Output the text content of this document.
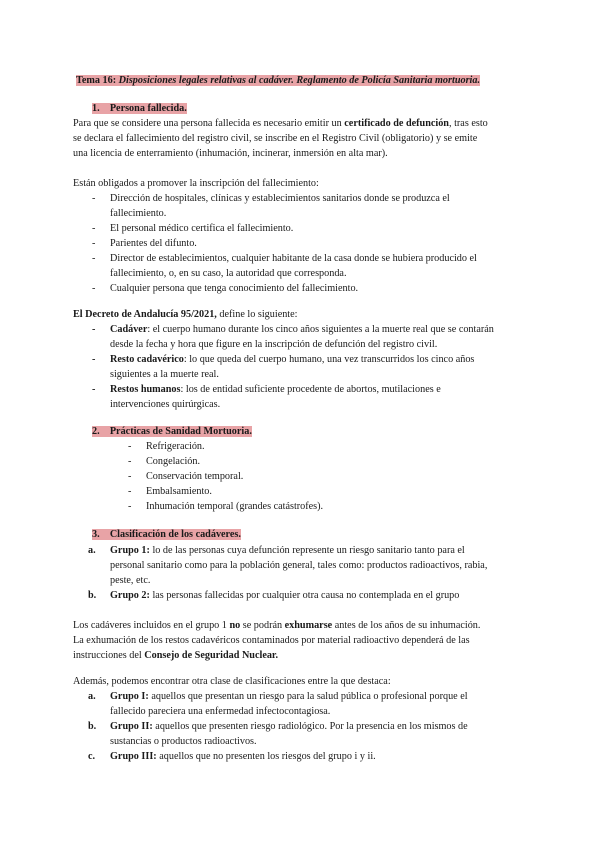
Tema 16: Disposiciones legales relativas al cadáver. Reglamento de Policía Sanitaria mortuoria.
1. Persona fallecida.
Para que se considere una persona fallecida es necesario emitir un certificado de defunción, tras esto
se declara el fallecimiento del registro civil, se inscribe en el Registro Civil (obligatorio) y se emite
una licencia de enterramiento (inhumación, incinerar, inmersión en alta mar).
Están obligados a promover la inscripción del fallecimiento:
- Dirección de hospitales, clínicas y establecimientos sanitarios donde se produzca el
fallecimiento.
- El personal médico certifica el fallecimiento.
- Parientes del difunto.
- Director de establecimientos, cualquier habitante de la casa donde se hubiera producido el
fallecimiento, o, en su caso, la autoridad que corresponda.
- Cualquier persona que tenga conocimiento del fallecimiento.
El Decreto de Andalucía 95/2021, define lo siguiente:
- Cadáver: el cuerpo humano durante los cinco años siguientes a la muerte real que se contarán
desde la fecha y hora que figure en la inscripción de defunción del registro civil.
- Resto cadavérico: lo que queda del cuerpo humano, una vez transcurridos los cinco años
siguientes a la muerte real.
- Restos humanos: los de entidad suficiente procedente de abortos, mutilaciones e
intervenciones quirúrgicas.
2. Prácticas de Sanidad Mortuoria.
- Refrigeración.
- Congelación.
- Conservación temporal.
- Embalsamiento.
- Inhumación temporal (grandes catástrofes).
3. Clasificación de los cadáveres.
a. Grupo 1: lo de las personas cuya defunción represente un riesgo sanitario tanto para el
personal sanitario como para la población general, tales como: productos radioactivos, rabia,
peste, etc.
b. Grupo 2: las personas fallecidas por cualquier otra causa no contemplada en el grupo
Los cadáveres incluidos en el grupo 1 no se podrán exhumarse antes de los años de su inhumación.
La exhumación de los restos cadavéricos contaminados por material radioactivo dependerá de las
instrucciones del Consejo de Seguridad Nuclear.
Además, podemos encontrar otra clase de clasificaciones entre la que destaca:
a. Grupo I: aquellos que presentan un riesgo para la salud pública o profesional porque el
fallecido pareciera una enfermedad infectocontagiosa.
b. Grupo II: aquellos que presenten riesgo radiológico. Por la presencia en los mismos de
sustancias o productos radioactivos.
c. Grupo III: aquellos que no presenten los riesgos del grupo i y ii.
